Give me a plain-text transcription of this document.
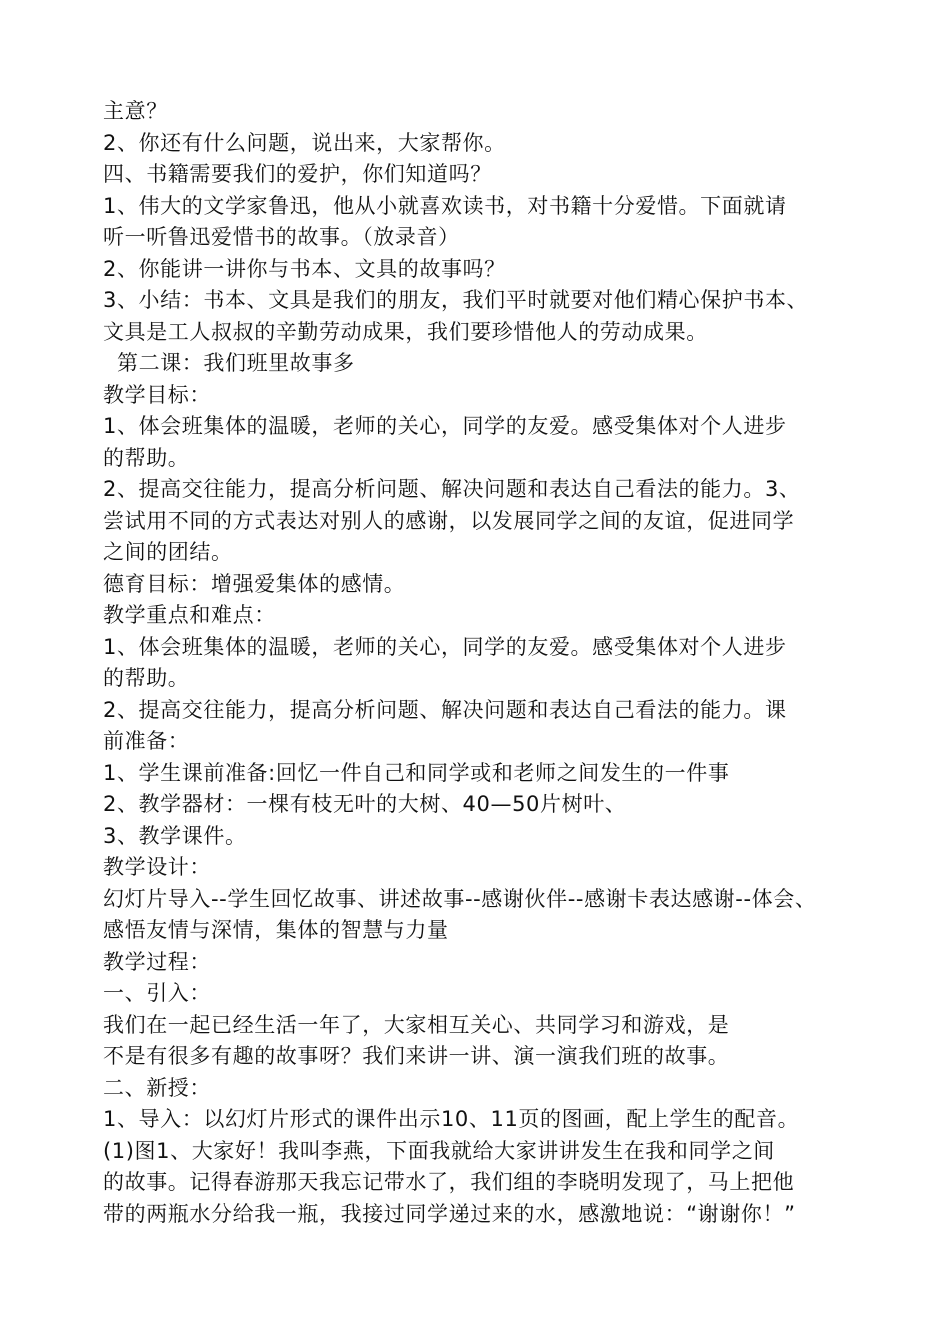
主意？
2、你还有什么问题，说出来，大家帮你。
四、书籍需要我们的爱护，你们知道吗？
1、伟大的文学家鲁迅，他从小就喜欢读书，对书籍十分爱惜。下面就请
听一听鲁迅爱惜书的故事。（放录音）
2、你能讲一讲你与书本、文具的故事吗？
3、小结：书本、文具是我们的朋友，我们平时就要对他们精心保护书本、
文具是工人叔叔的辛勤劳动成果，我们要珍惜他人的劳动成果。
第二课：我们班里故事多
教学目标：
1、体会班集体的温暖，老师的关心，同学的友爱。感受集体对个人进步
的帮助。
2、提高交往能力，提高分析问题、解决问题和表达自己看法的能力。3、
尝试用不同的方式表达对别人的感谢，以发展同学之间的友谊，促进同学
之间的团结。
德育目标：增强爱集体的感情。
教学重点和难点：
1、体会班集体的温暖，老师的关心，同学的友爱。感受集体对个人进步
的帮助。
2、提高交往能力，提高分析问题、解决问题和表达自己看法的能力。课
前准备：
1、学生课前准备:回忆一件自己和同学或和老师之间发生的一件事
2、教学器材：一棵有枝无叶的大树、40—50片树叶、
3、教学课件。
教学设计：
幻灯片导入--学生回忆故事、讲述故事--感谢伙伴--感谢卡表达感谢--体会、
感悟友情与深情，集体的智慧与力量
教学过程：
一、引入：
我们在一起已经生活一年了，大家相互关心、共同学习和游戏，是
不是有很多有趣的故事呀？我们来讲一讲、演一演我们班的故事。
二、新授：
1、导入：以幻灯片形式的课件出示10、11页的图画，配上学生的配音。
(1)图1、大家好！我叫李燕，下面我就给大家讲讲发生在我和同学之间
的故事。记得春游那天我忘记带水了，我们组的李晓明发现了，马上把他
带的两瓶水分给我一瓶，我接过同学递过来的水，感激地说：“谢谢你！”
